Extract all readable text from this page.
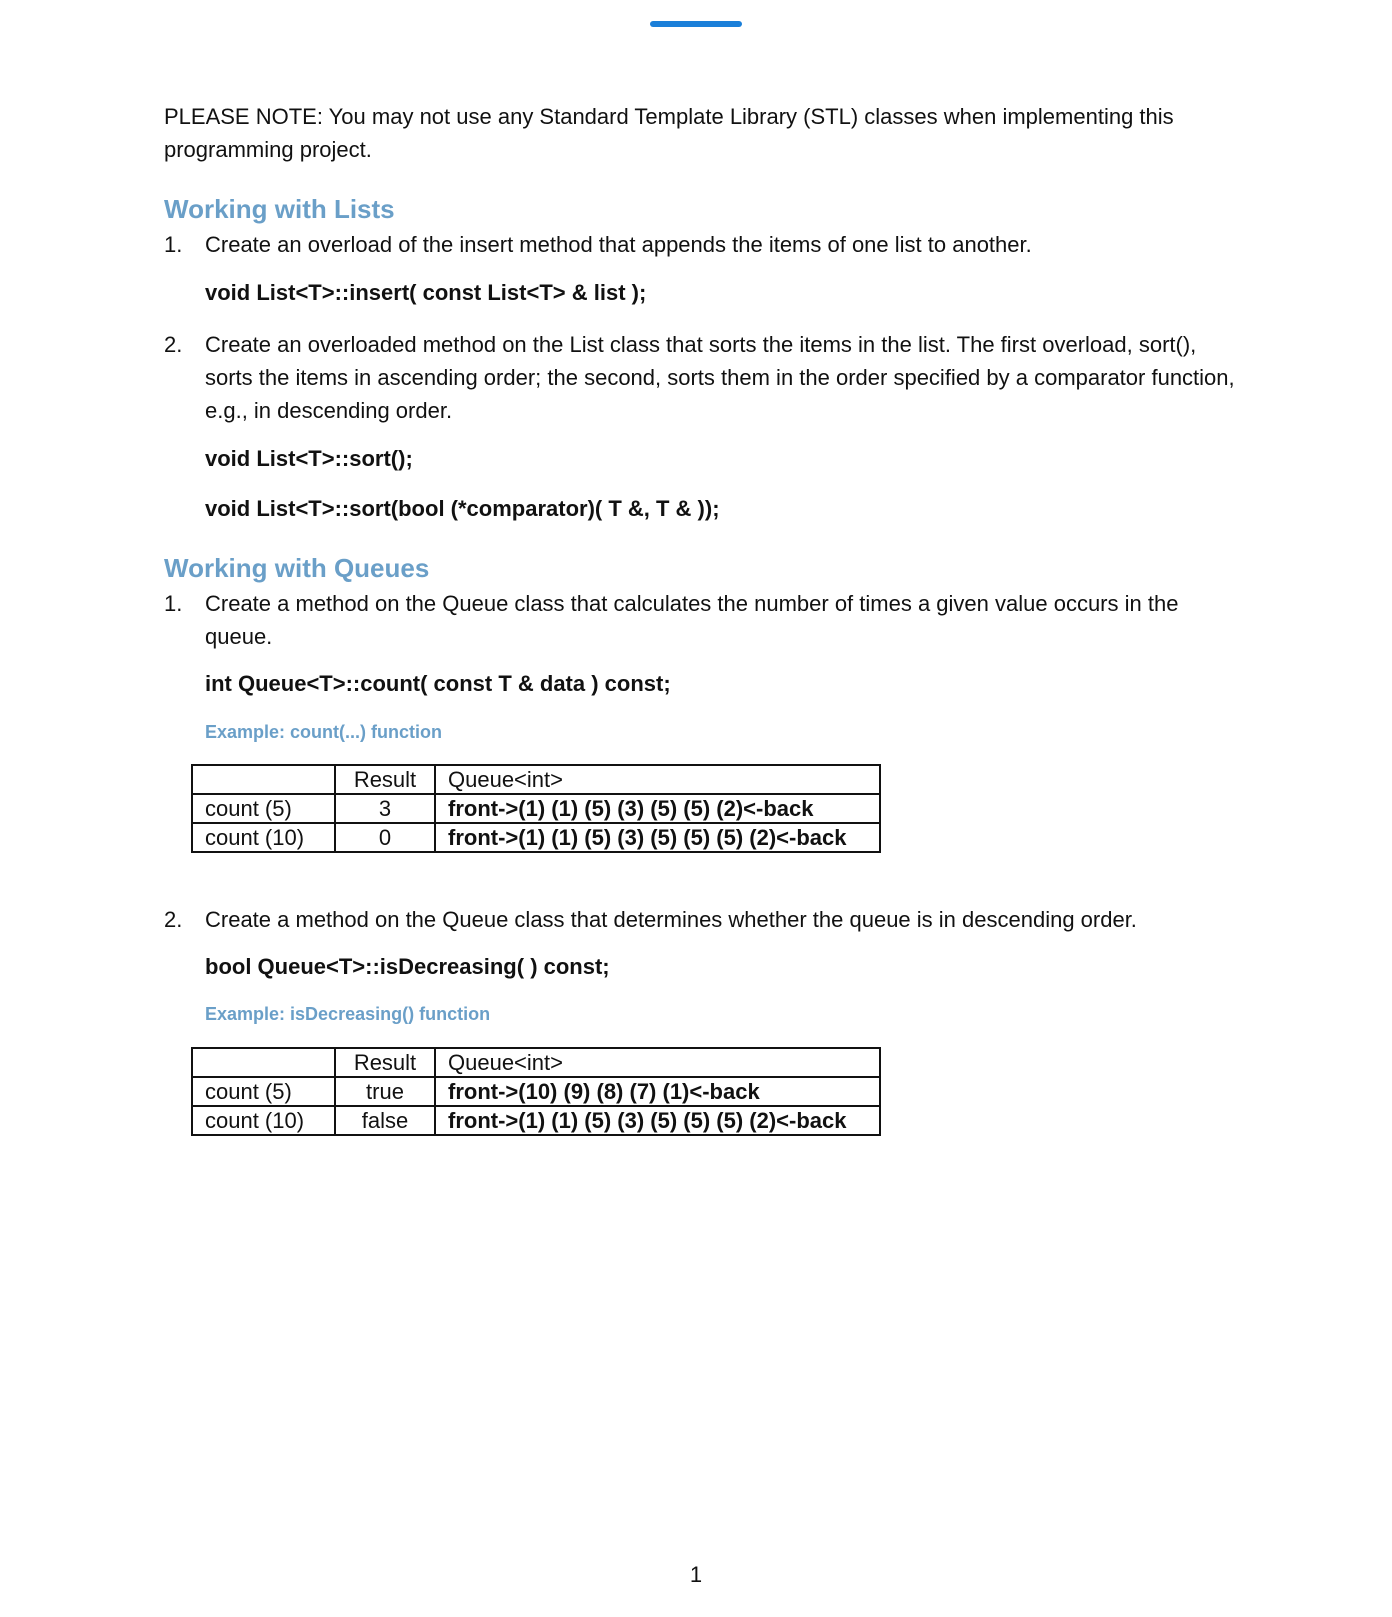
PLEASE NOTE: You may not use any Standard Template Library (STL) classes when implementing this programming project.

Working with Lists
1. Create an overload of the insert method that appends the items of one list to another.
void List<T>::insert( const List<T> & list );
2. Create an overloaded method on the List class that sorts the items in the list. The first overload, sort(), sorts the items in ascending order; the second, sorts them in the order specified by a comparator function, e.g., in descending order.
void List<T>::sort();
void List<T>::sort(bool (*comparator)( T &, T & ));
Working with Queues
1. Create a method on the Queue class that calculates the number of times a given value occurs in the queue.
int Queue<T>::count( const T & data ) const;
Example: count(...) function
	Result	Queue<int>
count (5)	3	front->(1) (1) (5) (3) (5) (5) (2)<-back
count (10)	0	front->(1) (1) (5) (3) (5) (5) (5) (2)<-back
2. Create a method on the Queue class that determines whether the queue is in descending order.
bool Queue<T>::isDecreasing( ) const;
Example: isDecreasing() function
	Result	Queue<int>
count (5)	true	front->(10) (9) (8) (7) (1)<-back
count (10)	false	front->(1) (1) (5) (3) (5) (5) (5) (2)<-back
1
